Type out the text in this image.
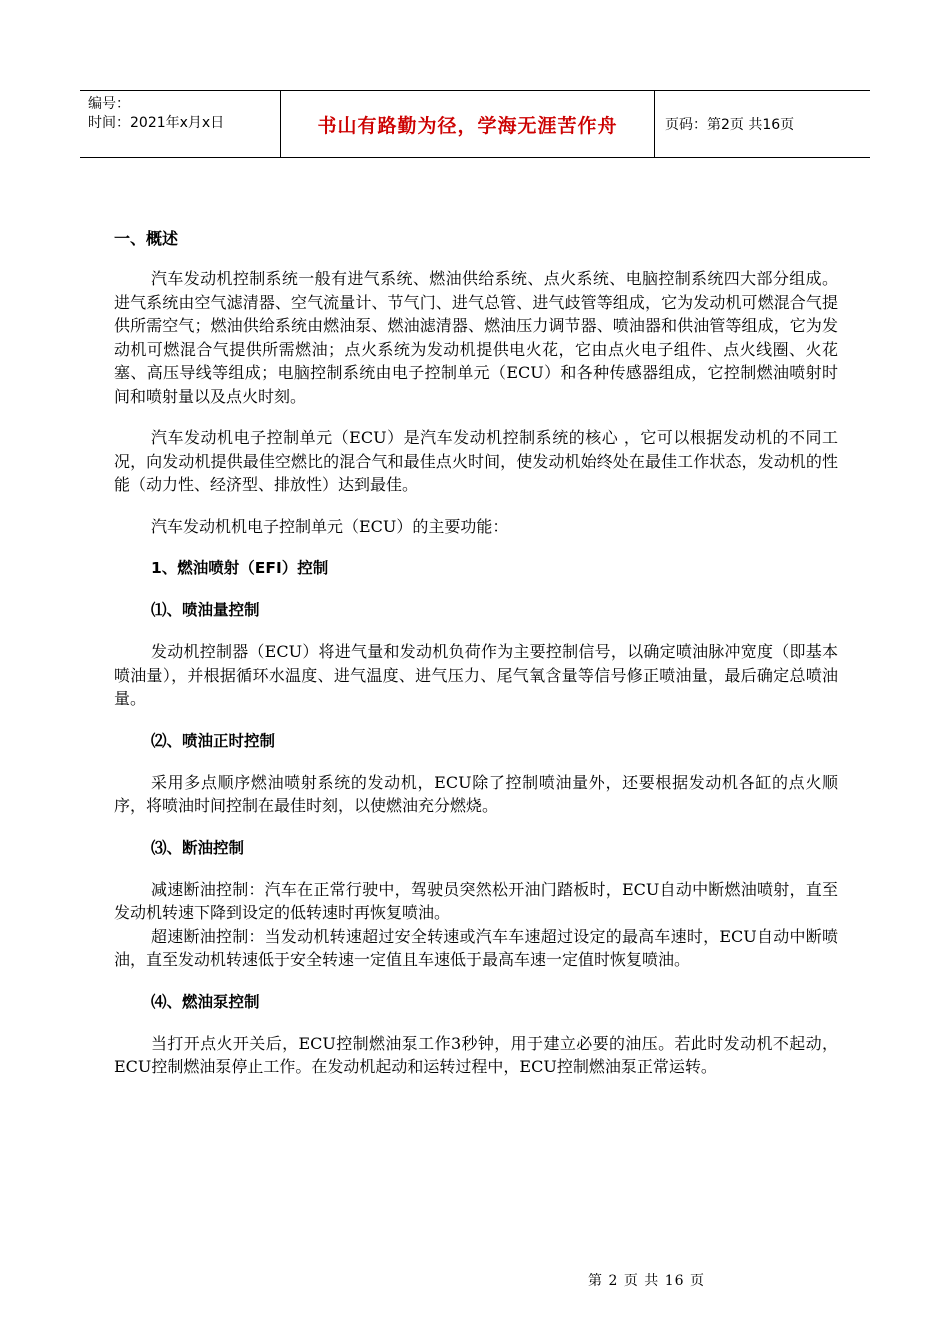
编号：
时间：2021年x月x日	书山有路勤为径，学海无涯苦作舟	页码：第2页 共16页
一、概述

汽车发动机控制系统一般有进气系统、燃油供给系统、点火系统、电脑控制系统四大部分组成。进气系统由空气滤清器、空气流量计、节气门、进气总管、进气歧管等组成，它为发动机可燃混合气提供所需空气；燃油供给系统由燃油泵、燃油滤清器、燃油压力调节器、喷油器和供油管等组成，它为发动机可燃混合气提供所需燃油；点火系统为发动机提供电火花，它由点火电子组件、点火线圈、火花塞、高压导线等组成；电脑控制系统由电子控制单元（ECU）和各种传感器组成，它控制燃油喷射时间和喷射量以及点火时刻。

汽车发动机电子控制单元（ECU）是汽车发动机控制系统的核心 ，它可以根据发动机的不同工况，向发动机提供最佳空燃比的混合气和最佳点火时间，使发动机始终处在最佳工作状态，发动机的性能（动力性、经济型、排放性）达到最佳。

汽车发动机机电子控制单元（ECU）的主要功能：

1、燃油喷射（EFI）控制
⑴、喷油量控制

发动机控制器（ECU）将进气量和发动机负荷作为主要控制信号，以确定喷油脉冲宽度（即基本喷油量），并根据循环水温度、进气温度、进气压力、尾气氧含量等信号修正喷油量，最后确定总喷油量。

⑵、喷油正时控制

采用多点顺序燃油喷射系统的发动机，ECU除了控制喷油量外，还要根据发动机各缸的点火顺序，将喷油时间控制在最佳时刻，以使燃油充分燃烧。

⑶、断油控制

减速断油控制：汽车在正常行驶中，驾驶员突然松开油门踏板时，ECU自动中断燃油喷射，直至发动机转速下降到设定的低转速时再恢复喷油。

超速断油控制：当发动机转速超过安全转速或汽车车速超过设定的最高车速时，ECU自动中断喷油，直至发动机转速低于安全转速一定值且车速低于最高车速一定值时恢复喷油。

⑷、燃油泵控制

当打开点火开关后，ECU控制燃油泵工作3秒钟，用于建立必要的油压。若此时发动机不起动，ECU控制燃油泵停止工作。在发动机起动和运转过程中，ECU控制燃油泵正常运转。

第 2 页 共 16 页
